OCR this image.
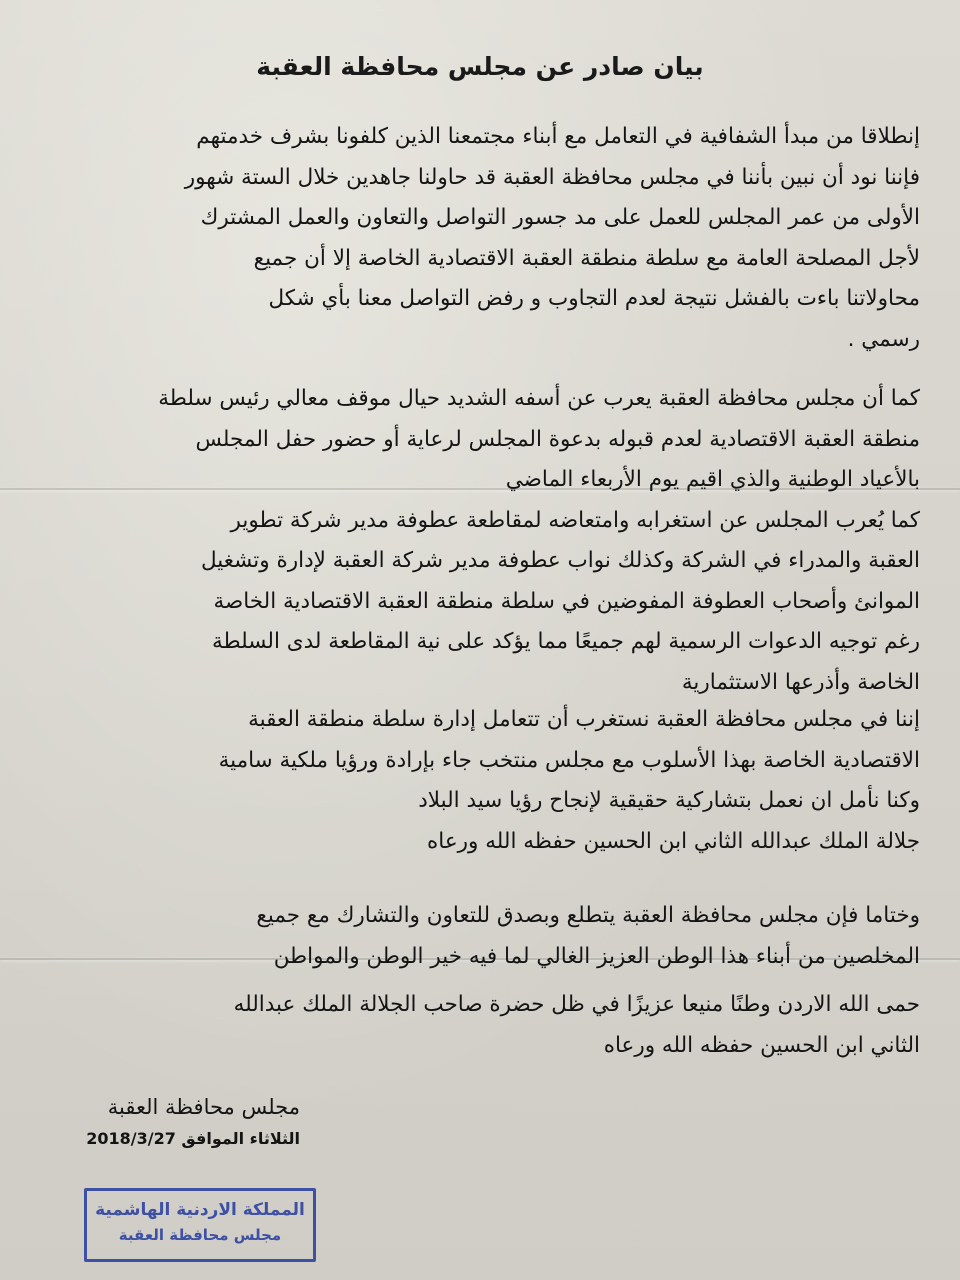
بيان صادر عن مجلس محافظة العقبة
إنطلاقا من مبدأ الشفافية في التعامل مع أبناء مجتمعنا الذين كلفونا بشرف خدمتهم
فإننا نود أن نبين بأننا في مجلس محافظة العقبة قد حاولنا جاهدين خلال الستة شهور
الأولى من عمر المجلس للعمل على مد جسور التواصل والتعاون والعمل المشترك
لأجل المصلحة العامة مع سلطة منطقة العقبة الاقتصادية الخاصة إلا أن جميع
محاولاتنا باءت بالفشل نتيجة لعدم التجاوب و رفض التواصل معنا بأي شكل
رسمي .
كما أن مجلس محافظة العقبة يعرب عن أسفه الشديد حيال موقف معالي رئيس سلطة
منطقة العقبة الاقتصادية لعدم قبوله بدعوة المجلس لرعاية أو حضور حفل المجلس
بالأعياد الوطنية والذي اقيم يوم الأربعاء الماضي
كما يُعرب المجلس عن استغرابه وامتعاضه لمقاطعة عطوفة مدير شركة تطوير
العقبة والمدراء في الشركة وكذلك نواب عطوفة مدير شركة العقبة لإدارة وتشغيل
الموانئ وأصحاب العطوفة المفوضين في سلطة منطقة العقبة الاقتصادية الخاصة
رغم توجيه الدعوات الرسمية لهم جميعًا مما يؤكد على نية المقاطعة لدى السلطة
الخاصة وأذرعها الاستثمارية
إننا في مجلس محافظة العقبة نستغرب أن تتعامل إدارة سلطة منطقة العقبة
الاقتصادية الخاصة بهذا الأسلوب مع مجلس منتخب جاء بإرادة ورؤيا ملكية سامية
وكنا نأمل ان نعمل بتشاركية حقيقية لإنجاح رؤيا سيد البلاد
جلالة الملك عبدالله الثاني ابن الحسين حفظه الله ورعاه
وختاما فإن مجلس محافظة العقبة يتطلع وبصدق للتعاون والتشارك مع جميع
المخلصين من أبناء هذا الوطن العزيز الغالي لما فيه خير الوطن والمواطن
حمى الله الاردن وطنًا منيعا عزيزًا في ظل حضرة صاحب الجلالة الملك عبدالله
الثاني ابن الحسين حفظه الله ورعاه
مجلس محافظة العقبة
الثلاثاء الموافق 2018/3/27
المملكة الاردنية الهاشمية
مجلس محافظة العقبة
